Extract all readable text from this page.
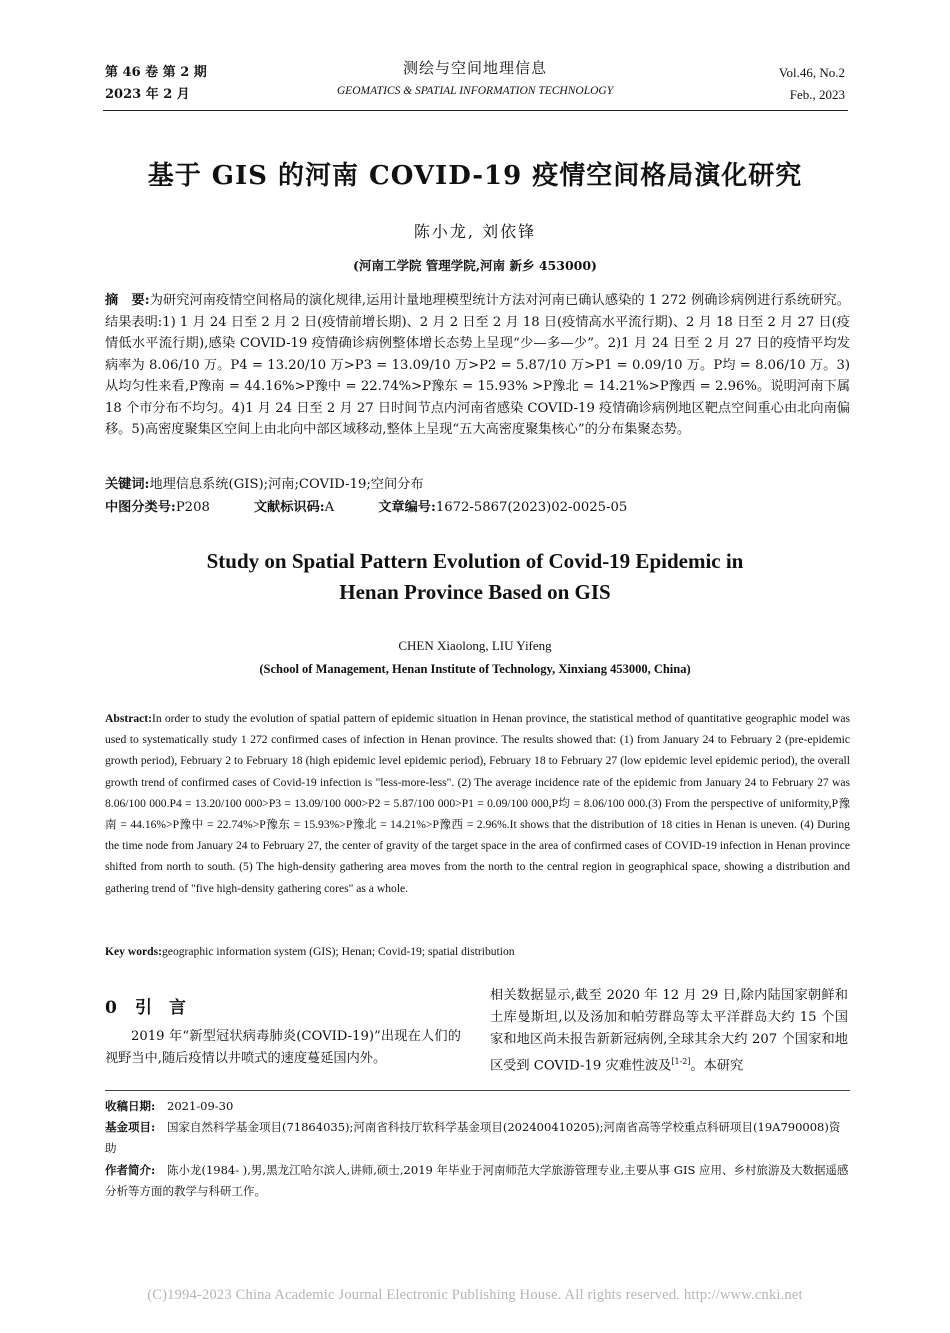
第 46 卷 第 2 期
2023 年 2 月
测绘与空间地理信息
GEOMATICS & SPATIAL INFORMATION TECHNOLOGY
Vol.46, No.2
Feb., 2023
基于 GIS 的河南 COVID-19 疫情空间格局演化研究
陈小龙, 刘依锋
(河南工学院 管理学院,河南 新乡 453000)
摘　要:为研究河南疫情空间格局的演化规律,运用计量地理模型统计方法对河南已确认感染的 1 272 例确诊病例进行系统研究。结果表明:1) 1 月 24 日至 2 月 2 日(疫情前增长期)、2 月 2 日至 2 月 18 日(疫情高水平流行期)、2 月 18 日至 2 月 27 日(疫情低水平流行期),感染 COVID-19 疫情确诊病例整体增长态势上呈现“少—多—少”。2)1 月 24 日至 2 月 27 日的疫情平均发病率为 8.06/10 万。P4 = 13.20/10 万>P3 = 13.09/10 万>P2 = 5.87/10 万>P1 = 0.09/10 万。P均 = 8.06/10 万。3) 从均匀性来看,P豫南 = 44.16%>P豫中 = 22.74%>P豫东 = 15.93% >P豫北 = 14.21%>P豫西 = 2.96%。说明河南下属 18 个市分布不均匀。4)1 月 24 日至 2 月 27 日时间节点内河南省感染 COVID-19 疫情确诊病例地区靶点空间重心由北向南偏移。5)高密度聚集区空间上由北向中部区域移动,整体上呈现“五大高密度聚集核心”的分布集聚态势。
关键词:地理信息系统(GIS);河南;COVID-19;空间分布
中图分类号:P208	文献标识码:A	文章编号:1672-5867(2023)02-0025-05
Study on Spatial Pattern Evolution of Covid-19 Epidemic in
Henan Province Based on GIS
CHEN Xiaolong, LIU Yifeng
(School of Management, Henan Institute of Technology, Xinxiang 453000, China)
Abstract:In order to study the evolution of spatial pattern of epidemic situation in Henan province, the statistical method of quantitative geographic model was used to systematically study 1 272 confirmed cases of infection in Henan province. The results showed that: (1) from January 24 to February 2 (pre-epidemic growth period), February 2 to February 18 (high epidemic level epidemic period), February 18 to February 27 (low epidemic level epidemic period), the overall growth trend of confirmed cases of Covid-19 infection is "less-more-less". (2) The average incidence rate of the epidemic from January 24 to February 27 was 8.06/100 000.P4 = 13.20/100 000>P3 = 13.09/100 000>P2 = 5.87/100 000>P1 = 0.09/100 000,P均 = 8.06/100 000.(3) From the perspective of uniformity,P豫南 = 44.16%>P豫中 = 22.74%>P豫东 = 15.93%>P豫北 = 14.21%>P豫西 = 2.96%.It shows that the distribution of 18 cities in Henan is uneven. (4) During the time node from January 24 to February 27, the center of gravity of the target space in the area of confirmed cases of COVID-19 infection in Henan province shifted from north to south. (5) The high-density gathering area moves from the north to the central region in geographical space, showing a distribution and gathering trend of "five high-density gathering cores" as a whole.
Key words:geographic information system (GIS); Henan; Covid-19; spatial distribution
0 引　言
2019 年“新型冠状病毒肺炎(COVID-19)”出现在人们的视野当中,随后疫情以井喷式的速度蔓延国内外。
相关数据显示,截至 2020 年 12 月 29 日,除内陆国家朝鲜和土库曼斯坦,以及汤加和帕劳群岛等太平洋群岛大约 15 个国家和地区尚未报告新新冠病例,全球其余大约 207 个国家和地区受到 COVID-19 灾难性波及[1-2]。本研究
收稿日期: 2021-09-30
基金项目: 国家自然科学基金项目(71864035);河南省科技厅软科学基金项目(202400410205);河南省高等学校重点科研项目(19A790008)资助
作者简介: 陈小龙(1984- ),男,黑龙江哈尔滨人,讲师,硕士,2019 年毕业于河南师范大学旅游管理专业,主要从事 GIS 应用、乡村旅游及大数据遥感分析等方面的教学与科研工作。
(C)1994-2023 China Academic Journal Electronic Publishing House. All rights reserved. http://www.cnki.net
